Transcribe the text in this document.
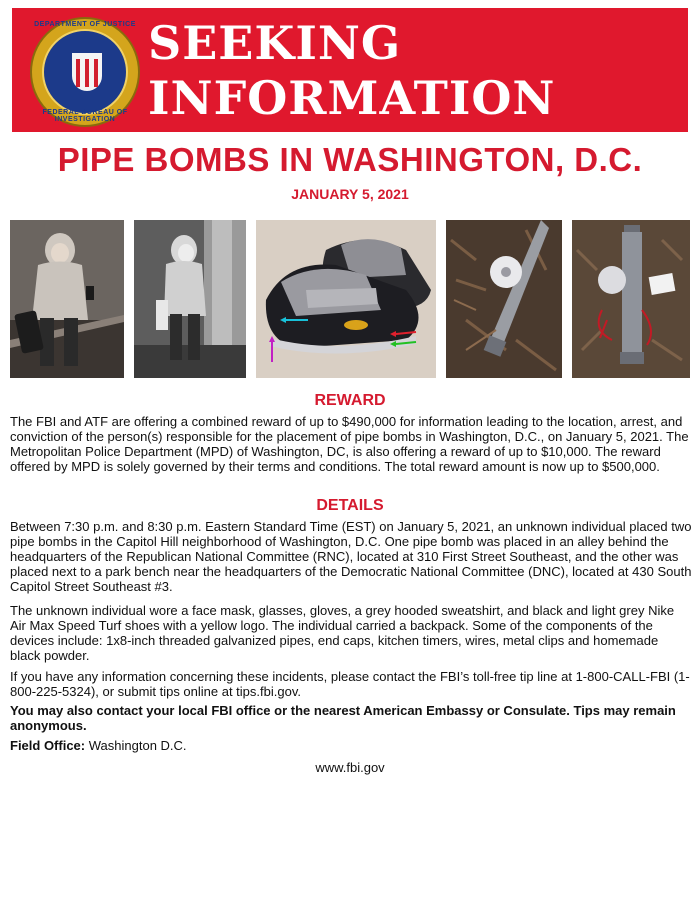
DEPARTMENT OF JUSTICE
FEDERAL BUREAU OF INVESTIGATION
SEEKING
INFORMATION
PIPE BOMBS IN WASHINGTON, D.C.
JANUARY 5, 2021
REWARD
The FBI and ATF are offering a combined reward of up to $490,000 for information leading to the location, arrest, and conviction of the person(s) responsible for the placement of pipe bombs in Washington, D.C., on January 5, 2021. The Metropolitan Police Department (MPD) of Washington, DC, is also offering a reward of up to $10,000. The reward offered by MPD is solely governed by their terms and conditions. The total reward amount is now up to $500,000.
DETAILS
Between 7:30 p.m. and 8:30 p.m. Eastern Standard Time (EST) on January 5, 2021, an unknown individual placed two pipe bombs in the Capitol Hill neighborhood of Washington, D.C. One pipe bomb was placed in an alley behind the headquarters of the Republican National Committee (RNC), located at 310 First Street Southeast, and the other was placed next to a park bench near the headquarters of the Democratic National Committee (DNC), located at 430 South Capitol Street Southeast #3.
The unknown individual wore a face mask, glasses, gloves, a grey hooded sweatshirt, and black and light grey Nike Air Max Speed Turf shoes with a yellow logo. The individual carried a backpack. Some of the components of the devices include: 1x8-inch threaded galvanized pipes, end caps, kitchen timers, wires, metal clips and homemade black powder.
If you have any information concerning these incidents, please contact the FBI’s toll-free tip line at 1-800-CALL-FBI (1-800-225-5324), or submit tips online at tips.fbi.gov.
You may also contact your local FBI office or the nearest American Embassy or Consulate. Tips may remain anonymous.
Field Office: Washington D.C.
www.fbi.gov
